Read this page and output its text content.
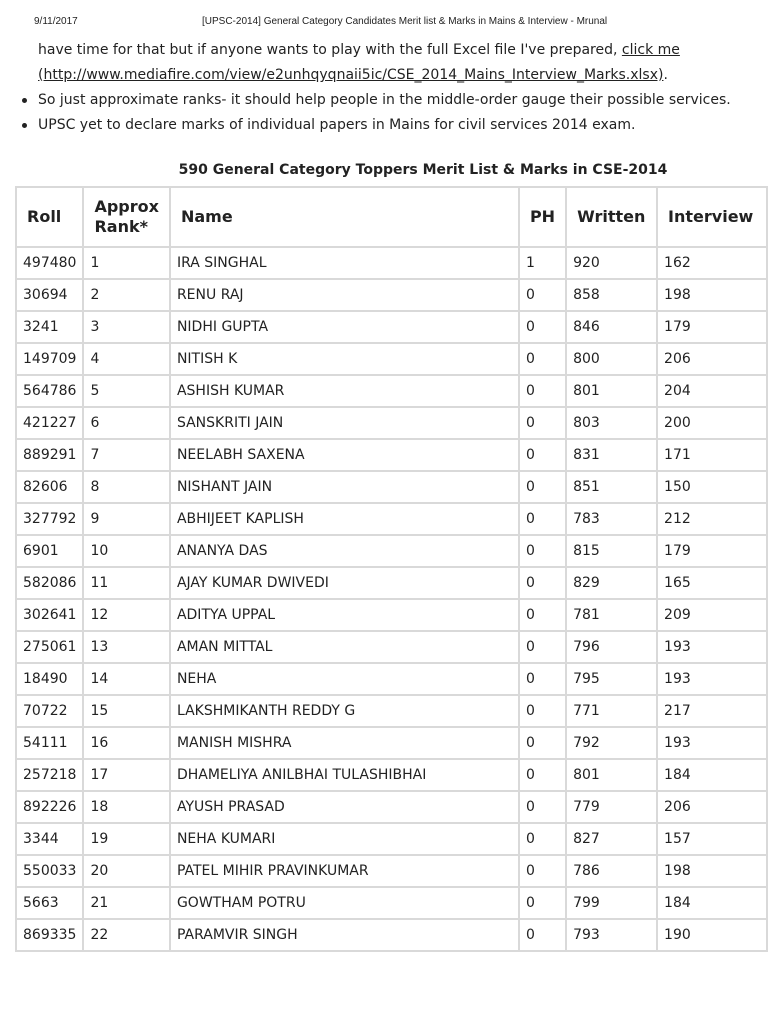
9/11/2017	[UPSC-2014] General Category Candidates Merit list & Marks in Mains & Interview - Mrunal
have time for that but if anyone wants to play with the full Excel file I've prepared, click me
(http://www.mediafire.com/view/e2unhqyqnaii5ic/CSE_2014_Mains_Interview_Marks.xlsx).
So just approximate ranks- it should help people in the middle-order gauge their possible services.
UPSC yet to declare marks of individual papers in Mains for civil services 2014 exam.
590 General Category Toppers Merit List & Marks in CSE-2014
Roll	Approx
Rank*	Name	PH	Written	Interview
497480	1	IRA SINGHAL	1	920	162
30694	2	RENU RAJ	0	858	198
3241	3	NIDHI GUPTA	0	846	179
149709	4	NITISH K	0	800	206
564786	5	ASHISH KUMAR	0	801	204
421227	6	SANSKRITI JAIN	0	803	200
889291	7	NEELABH SAXENA	0	831	171
82606	8	NISHANT JAIN	0	851	150
327792	9	ABHIJEET KAPLISH	0	783	212
6901	10	ANANYA DAS	0	815	179
582086	11	AJAY KUMAR DWIVEDI	0	829	165
302641	12	ADITYA UPPAL	0	781	209
275061	13	AMAN MITTAL	0	796	193
18490	14	NEHA	0	795	193
70722	15	LAKSHMIKANTH REDDY G	0	771	217
54111	16	MANISH MISHRA	0	792	193
257218	17	DHAMELIYA ANILBHAI TULASHIBHAI	0	801	184
892226	18	AYUSH PRASAD	0	779	206
3344	19	NEHA KUMARI	0	827	157
550033	20	PATEL MIHIR PRAVINKUMAR	0	786	198
5663	21	GOWTHAM POTRU	0	799	184
869335	22	PARAMVIR SINGH	0	793	190
